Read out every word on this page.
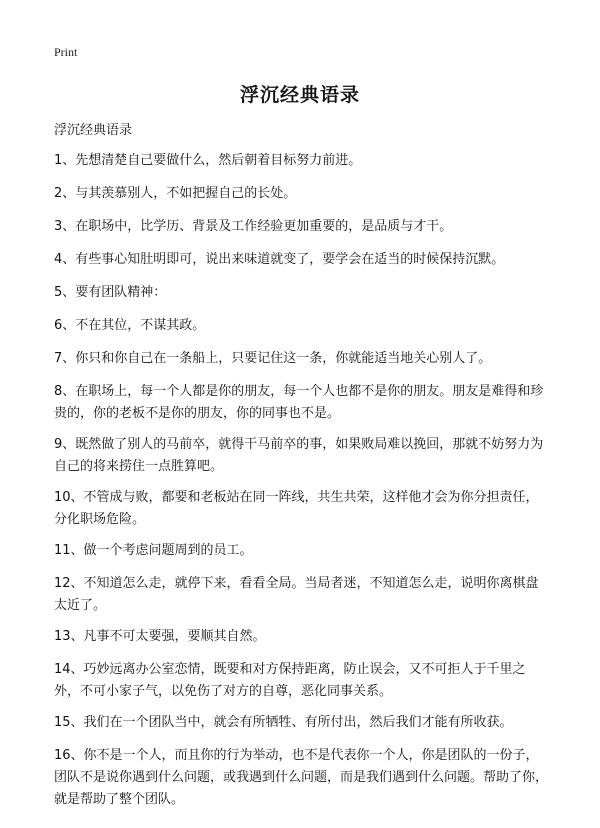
Print
浮沉经典语录
浮沉经典语录
1、先想清楚自己要做什么，然后朝着目标努力前进。
2、与其羡慕别人，不如把握自己的长处。
3、在职场中，比学历、背景及工作经验更加重要的，是品质与才干。
4、有些事心知肚明即可，说出来味道就变了，要学会在适当的时候保持沉默。
5、要有团队精神：
6、不在其位，不谋其政。
7、你只和你自己在一条船上，只要记住这一条，你就能适当地关心别人了。
8、在职场上，每一个人都是你的朋友，每一个人也都不是你的朋友。朋友是难得和珍贵的，你的老板不是你的朋友，你的同事也不是。
9、既然做了别人的马前卒，就得干马前卒的事，如果败局难以挽回，那就不妨努力为自己的将来捞住一点胜算吧。
10、不管成与败，都要和老板站在同一阵线，共生共荣，这样他才会为你分担责任，分化职场危险。
11、做一个考虑问题周到的员工。
12、不知道怎么走，就停下来，看看全局。当局者迷，不知道怎么走，说明你离棋盘太近了。
13、凡事不可太要强，要顺其自然。
14、巧妙远离办公室恋情，既要和对方保持距离，防止误会，又不可拒人于千里之外，不可小家子气，以免伤了对方的自尊，恶化同事关系。
15、我们在一个团队当中，就会有所牺牲、有所付出，然后我们才能有所收获。
16、你不是一个人，而且你的行为举动，也不是代表你一个人，你是团队的一份子，团队不是说你遇到什么问题，或我遇到什么问题，而是我们遇到什么问题。帮助了你，就是帮助了整个团队。
